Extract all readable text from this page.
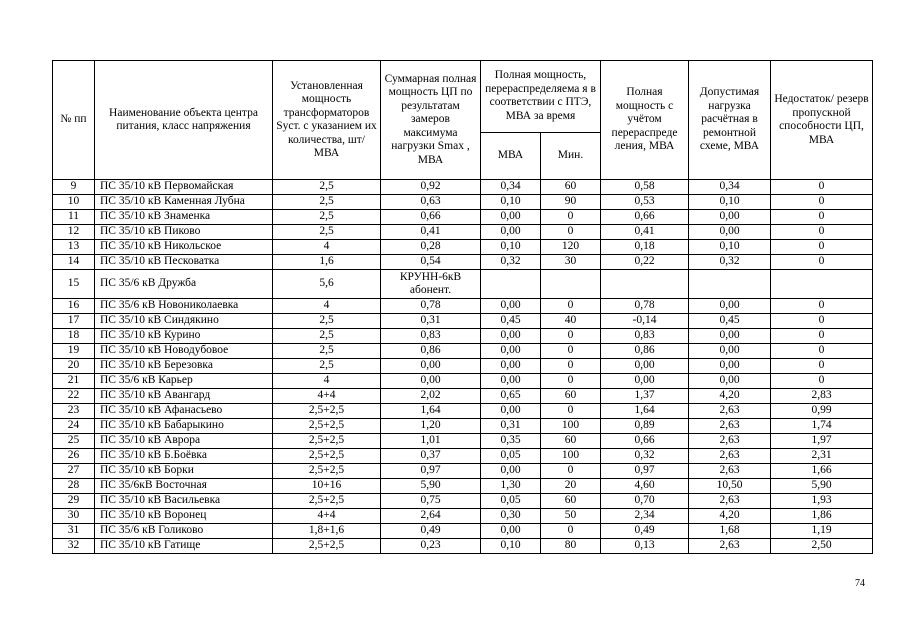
№ пп	Наименование объекта центра питания, класс напряжения	Установленная мощность трансформаторов Sуст. с указанием их количества, шт/ МВА	Суммарная полная мощность ЦП по результатам замеров максимума нагрузки Smax , МВА	Полная мощность, перераспределяема я в соответствии с ПТЭ, МВА за время		Полная мощность с учётом перераспреде ления, МВА	Допустимая нагрузка расчётная в ремонтной схеме, МВА	Недостаток/ резерв пропускной способности ЦП, МВА
				МВА	Мин.			
9	ПС 35/10 кВ Первомайская	2,5	0,92	0,34	60	0,58	0,34	0
10	ПС 35/10 кВ Каменная Лубна	2,5	0,63	0,10	90	0,53	0,10	0
11	ПС 35/10 кВ Знаменка	2,5	0,66	0,00	0	0,66	0,00	0
12	ПС 35/10 кВ Пиково	2,5	0,41	0,00	0	0,41	0,00	0
13	ПС 35/10 кВ Никольское	4	0,28	0,10	120	0,18	0,10	0
14	ПС 35/10 кВ Песковатка	1,6	0,54	0,32	30	0,22	0,32	0
15	ПС 35/6 кВ Дружба	5,6	КРУНН-6кВ абонент.					
16	ПС 35/6 кВ Новониколаевка	4	0,78	0,00	0	0,78	0,00	0
17	ПС 35/10 кВ Синдякино	2,5	0,31	0,45	40	-0,14	0,45	0
18	ПС 35/10 кВ Курино	2,5	0,83	0,00	0	0,83	0,00	0
19	ПС 35/10 кВ Новодубовое	2,5	0,86	0,00	0	0,86	0,00	0
20	ПС 35/10 кВ Березовка	2,5	0,00	0,00	0	0,00	0,00	0
21	ПС 35/6 кВ Карьер	4	0,00	0,00	0	0,00	0,00	0
22	ПС 35/10 кВ Авангард	4+4	2,02	0,65	60	1,37	4,20	2,83
23	ПС 35/10 кВ Афанасьево	2,5+2,5	1,64	0,00	0	1,64	2,63	0,99
24	ПС 35/10 кВ Бабарыкино	2,5+2,5	1,20	0,31	100	0,89	2,63	1,74
25	ПС 35/10 кВ Аврора	2,5+2,5	1,01	0,35	60	0,66	2,63	1,97
26	ПС 35/10 кВ Б.Боёвка	2,5+2,5	0,37	0,05	100	0,32	2,63	2,31
27	ПС 35/10 кВ Борки	2,5+2,5	0,97	0,00	0	0,97	2,63	1,66
28	ПС 35/6кВ Восточная	10+16	5,90	1,30	20	4,60	10,50	5,90
29	ПС 35/10 кВ Васильевка	2,5+2,5	0,75	0,05	60	0,70	2,63	1,93
30	ПС 35/10 кВ Воронец	4+4	2,64	0,30	50	2,34	4,20	1,86
31	ПС 35/6 кВ Голиково	1,8+1,6	0,49	0,00	0	0,49	1,68	1,19
32	ПС 35/10 кВ Гатище	2,5+2,5	0,23	0,10	80	0,13	2,63	2,50
74
